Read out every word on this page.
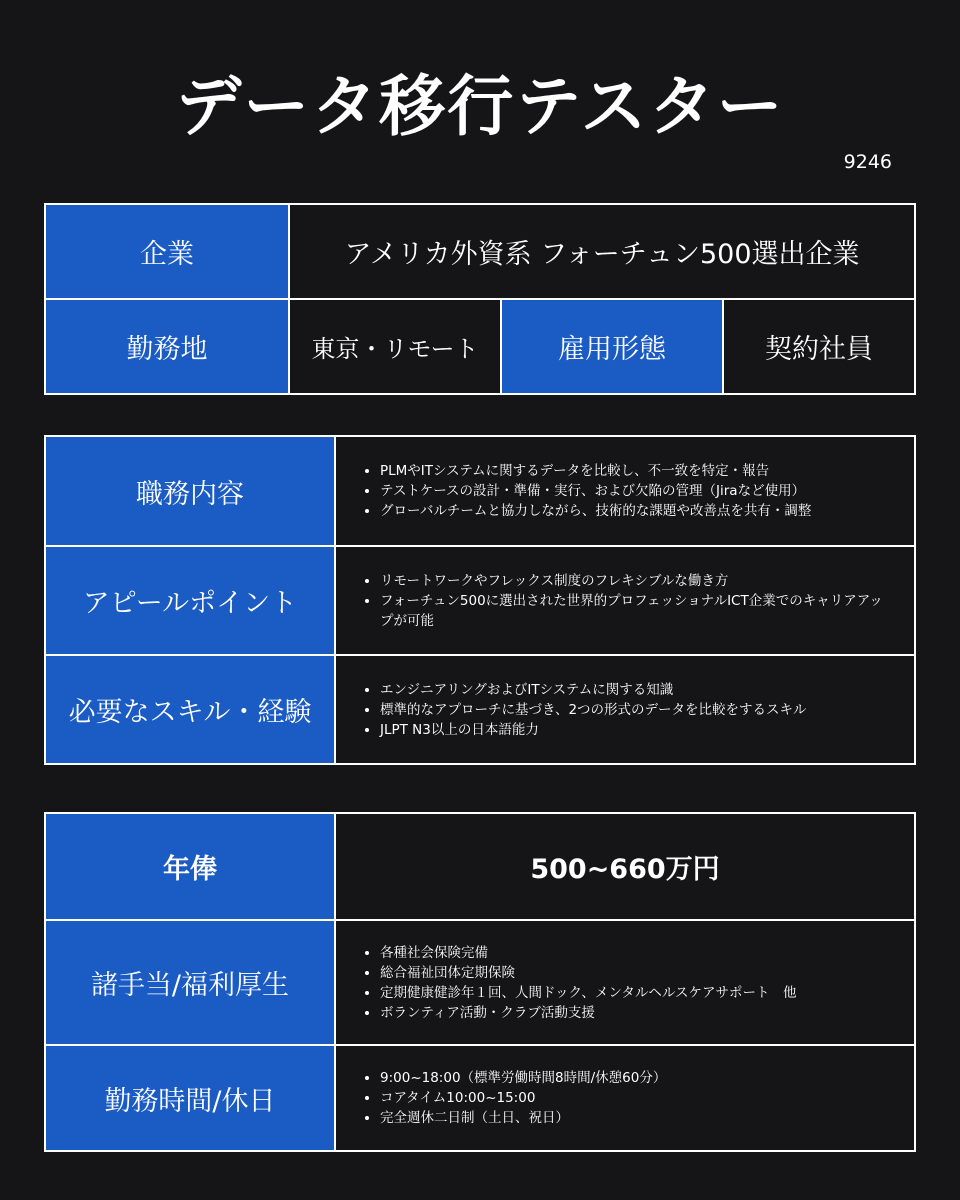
データ移行テスター
9246
企業	アメリカ外資系 フォーチュン500選出企業
勤務地	東京・リモート	雇用形態	契約社員
職務内容
• PLMやITシステムに関するデータを比較し、不一致を特定・報告
• テストケースの設計・準備・実行、および欠陥の管理（Jiraなど使用）
• グローバルチームと協力しながら、技術的な課題や改善点を共有・調整
アピールポイント
• リモートワークやフレックス制度のフレキシブルな働き方
• フォーチュン500に選出された世界的プロフェッショナルICT企業でのキャリアアップが可能
必要なスキル・経験
• エンジニアリングおよびITシステムに関する知識
• 標準的なアプローチに基づき、2つの形式のデータを比較をするスキル
• JLPT N3以上の日本語能力
年俸	500~660万円
諸手当/福利厚生
• 各種社会保険完備
• 総合福祉団体定期保険
• 定期健康健診年１回、人間ドック、メンタルヘルスケアサポート　他
• ボランティア活動・クラブ活動支援
勤務時間/休日
• 9:00~18:00（標準労働時間8時間/休憩60分）
• コアタイム10:00~15:00
• 完全週休二日制（土日、祝日）
